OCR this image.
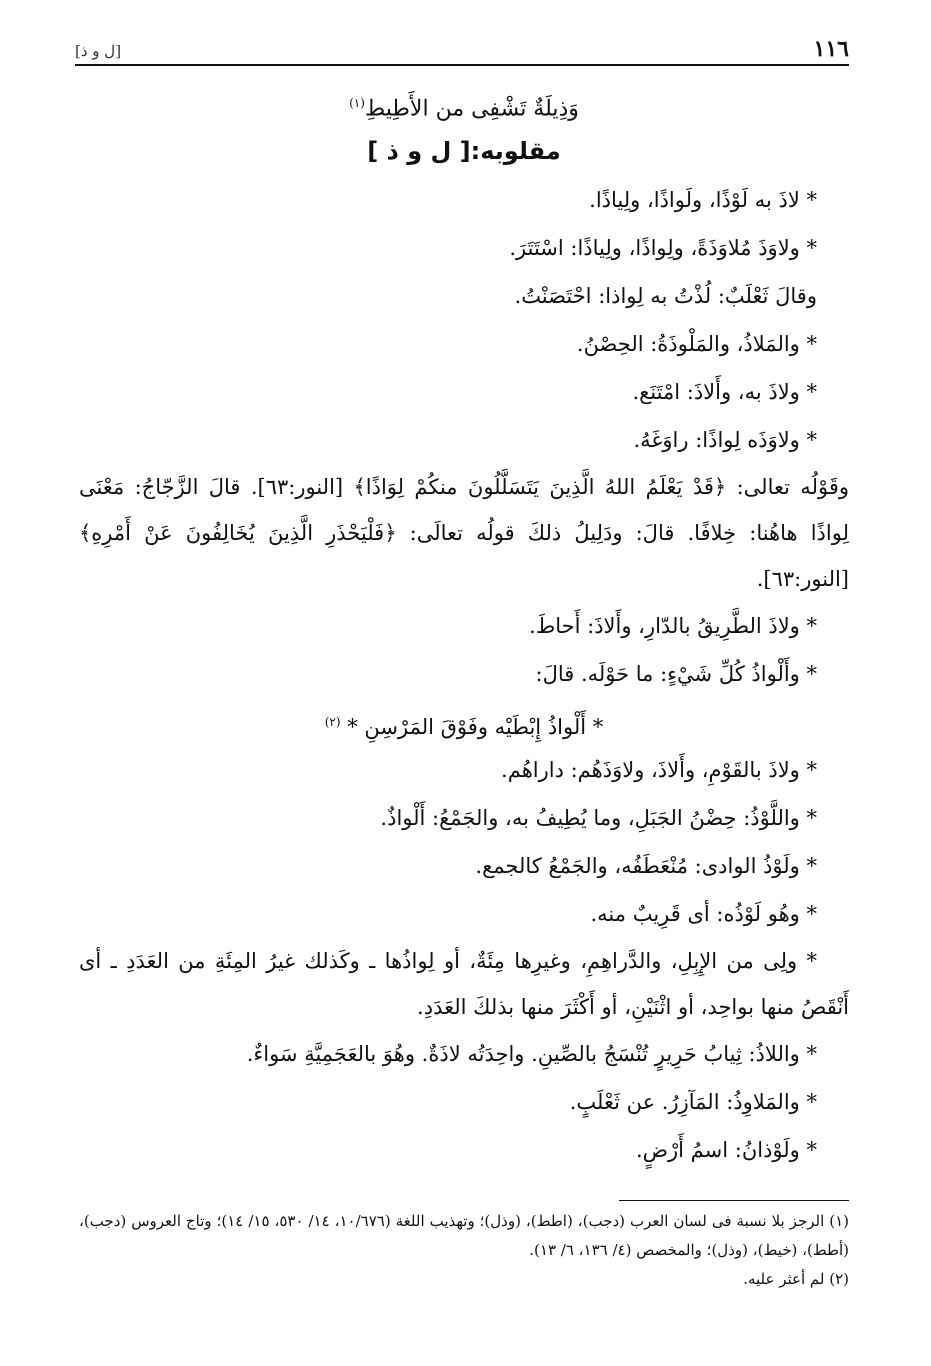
١١٦
[ل و ذ]
وَذِيلَةٌ تَشْفِى من الأَطِيطِ$^{(١)}$
مقلوبه:[ ل و ذ ]
* لاذَ به لَوْذًا، ولَواذًا، ولِياذًا.
* ولاوَذَ مُلاوَذَةً، ولِواذًا، ولِياذًا: اسْتَتَرَ.
وقالَ ثَعْلَبٌ: لُذْتُ به لِواذا: احْتَصَنْتُ.
* والمَلاذُ، والمَلْوذَةُ: الحِصْنُ.
* ولاذَ به، وأَلاذَ: امْتَنَع.
* ولاوَذَه لِواذًا: راوَغَهُ.

وقَوْلُه تعالى: ﴿قَدْ يَعْلَمُ اللهُ الَّذِينَ يَتَسَلَّلُونَ منكُمْ لِوَاذًا﴾ [النور:٦٣]. قالَ الزَّجّاجُ: مَعْنَى لِواذًا هاهُنا: خِلافًا. قالَ: ودَلِيلُ ذلكَ قولُه تعالَى: ﴿فَلْيَحْذَرِ الَّذِينَ يُخَالِفُونَ عَنْ أَمْرِهِ﴾ [النور:٦٣].

* ولاذَ الطَّرِيقُ بالدّارِ، وأَلاذَ: أَحاطَ.
* وأَلْواذُ كُلِّ شَيْءٍ: ما حَوْلَه. قالَ:
* أَلْواذُ إِبْطَيْه وفَوْقَ المَرْسِنِ * $^{(٢)}$
* ولاذَ بالقَوْمِ، وأَلاذَ، ولاوَذَهُم: داراهُم.
* واللَّوْذُ: حِضْنُ الجَبَلِ، وما يُطِيفُ به، والجَمْعُ: أَلْواذٌ.
* ولَوْذُ الوادى: مُنْعَطَفُه، والجَمْعُ كالجمع.
* وهُو لَوْذُه: أى قَرِيبٌ منه.

* ولِى من الإِبِلِ، والدَّراهِمِ، وغيرِها مِئَةٌ، أو لِواذُها ـ وكَذلك غيرُ المِئَةِ من العَدَدِ ـ أى أَنْقَصُ منها بواحِد، أو اثْنَيْنِ، أو أَكْثَرَ منها بذلكَ العَدَدِ.

* واللاذُ: ثِيابُ حَرِيرٍ تُنْسَجُ بالصِّينِ. واحِدَتُه لاذَةٌ. وهُوَ بالعَجَمِيَّةِ سَواءٌ.
* والمَلاوِذُ: المَآزِرُ. عن ثَعْلَبٍ.
* ولَوْذانُ: اسمُ أَرْضٍ.
(١) الرجز بلا نسبة فى لسان العرب (دجب)، (اطط)، (وذل)؛ وتهذيب اللغة (١٠/٦٧٦، ١٤/ ٥٣٠، ١٥/ ١٤)؛ وتاج العروس (دجب)، (أطط)، (خيط)، (وذل)؛ والمخصص (٤/ ١٣٦، ٦/ ١٣).
(٢) لم أعثر عليه.
